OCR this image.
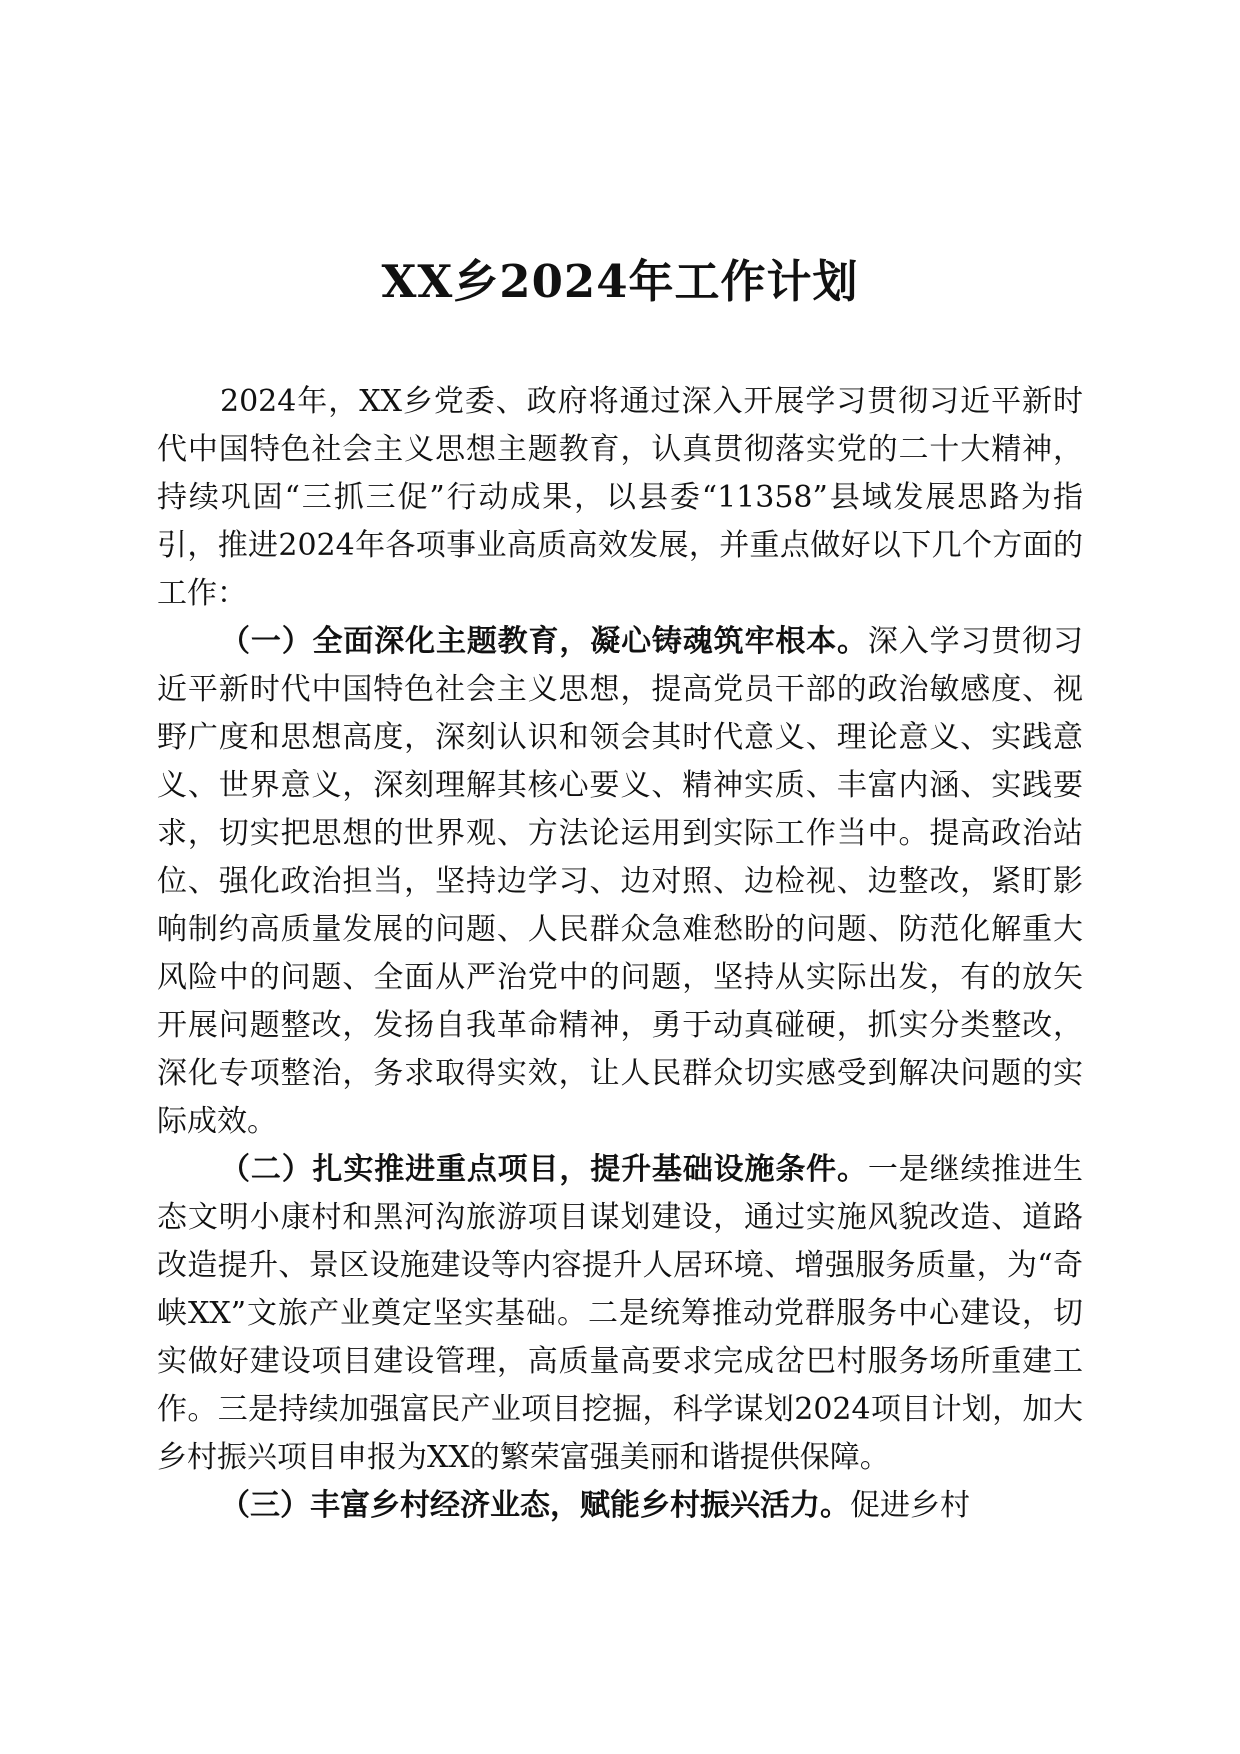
XX乡2024年工作计划

2024年，XX乡党委、政府将通过深入开展学习贯彻习近平新时代中国特色社会主义思想主题教育，认真贯彻落实党的二十大精神，持续巩固“三抓三促”行动成果，以县委“11358”县域发展思路为指引，推进2024年各项事业高质高效发展，并重点做好以下几个方面的工作：

（一）全面深化主题教育，凝心铸魂筑牢根本。深入学习贯彻习近平新时代中国特色社会主义思想，提高党员干部的政治敏感度、视野广度和思想高度，深刻认识和领会其时代意义、理论意义、实践意义、世界意义，深刻理解其核心要义、精神实质、丰富内涵、实践要求，切实把思想的世界观、方法论运用到实际工作当中。提高政治站位、强化政治担当，坚持边学习、边对照、边检视、边整改，紧盯影响制约高质量发展的问题、人民群众急难愁盼的问题、防范化解重大风险中的问题、全面从严治党中的问题，坚持从实际出发，有的放矢开展问题整改，发扬自我革命精神，勇于动真碰硬，抓实分类整改，深化专项整治，务求取得实效，让人民群众切实感受到解决问题的实际成效。

（二）扎实推进重点项目，提升基础设施条件。一是继续推进生态文明小康村和黑河沟旅游项目谋划建设，通过实施风貌改造、道路改造提升、景区设施建设等内容提升人居环境、增强服务质量，为“奇峡XX”文旅产业奠定坚实基础。二是统筹推动党群服务中心建设，切实做好建设项目建设管理，高质量高要求完成岔巴村服务场所重建工作。三是持续加强富民产业项目挖掘，科学谋划2024项目计划，加大乡村振兴项目申报为XX的繁荣富强美丽和谐提供保障。

（三）丰富乡村经济业态，赋能乡村振兴活力。促进乡村
